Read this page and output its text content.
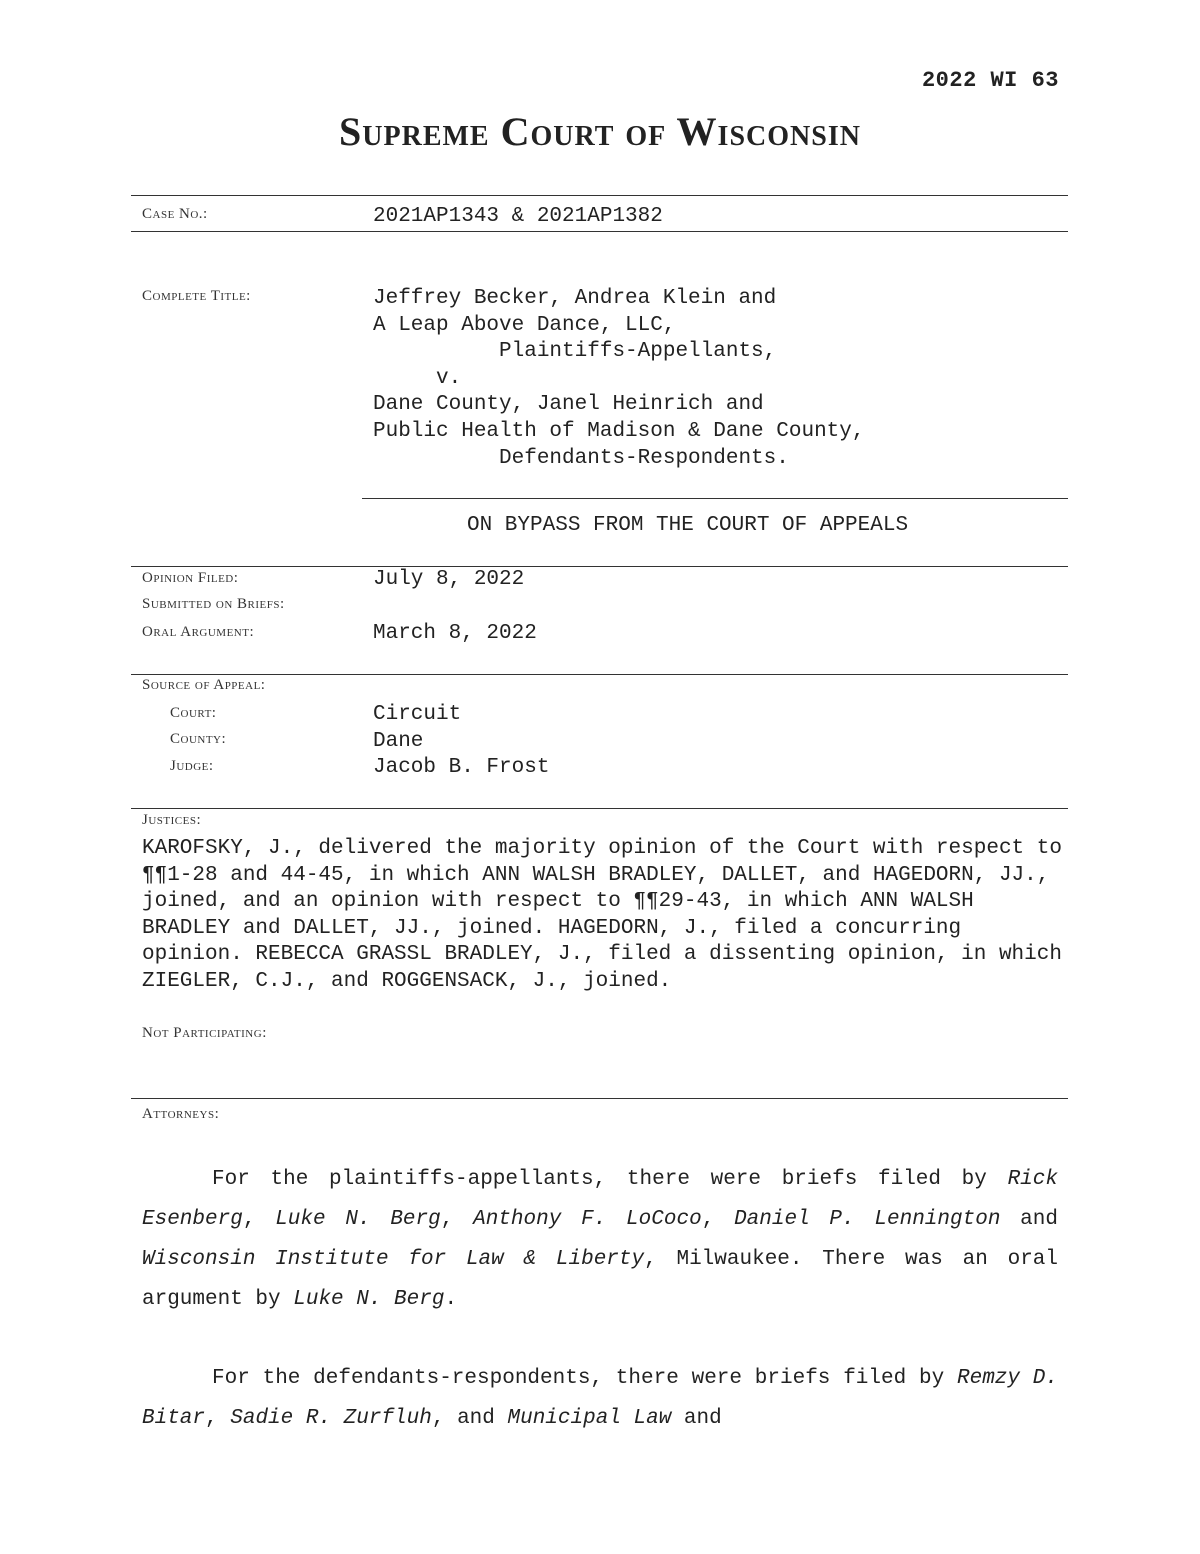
2022 WI 63
Supreme Court of Wisconsin
Case No.:	2021AP1343 & 2021AP1382
Complete Title:	Jeffrey Becker, Andrea Klein and
A Leap Above Dance, LLC,
Plaintiffs-Appellants,
v.
Dane County, Janel Heinrich and
Public Health of Madison & Dane County,
Defendants-Respondents.
ON BYPASS FROM THE COURT OF APPEALS
Opinion Filed:	July 8, 2022
Submitted on Briefs:
Oral Argument:	March 8, 2022
Source of Appeal:
Court:	Circuit
County:	Dane
Judge:	Jacob B. Frost
Justices:
KAROFSKY, J., delivered the majority opinion of the Court with respect to ¶¶1-28 and 44-45, in which ANN WALSH BRADLEY, DALLET, and HAGEDORN, JJ., joined, and an opinion with respect to ¶¶29-43, in which ANN WALSH BRADLEY and DALLET, JJ., joined. HAGEDORN, J., filed a concurring opinion. REBECCA GRASSL BRADLEY, J., filed a dissenting opinion, in which ZIEGLER, C.J., and ROGGENSACK, J., joined.
Not Participating:
Attorneys:
For the plaintiffs-appellants, there were briefs filed by Rick Esenberg, Luke N. Berg, Anthony F. LoCoco, Daniel P. Lennington and Wisconsin Institute for Law & Liberty, Milwaukee. There was an oral argument by Luke N. Berg.
For the defendants-respondents, there were briefs filed by Remzy D. Bitar, Sadie R. Zurfluh, and Municipal Law and
